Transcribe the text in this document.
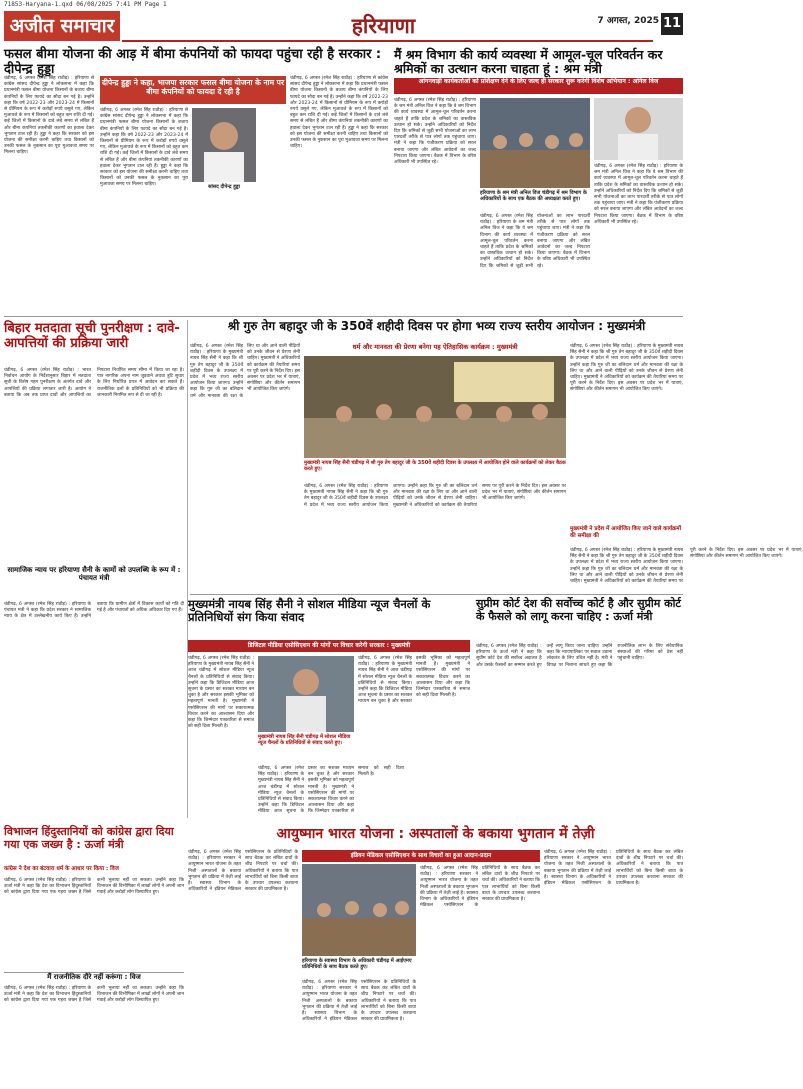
71853-Haryana-1.qxd 06/08/2025 7:41 PM Page 1
अजीत समाचार	हरियाणा	7 अगस्त, 2025 11
फसल बीमा योजना की आड़ में बीमा कंपनियों को फायदा पहुंचा रही है सरकार : दीपेन्द्र हुड्डा
चंडीगढ़, 6 अगस्त (रमेश सिंह राठौड़) : हरियाणा से कांग्रेस सांसद दीपेन्द्र हुड्डा ने लोकसभा में कहा कि प्रधानमंत्री फसल बीमा योजना किसानों के बजाय बीमा कंपनियों के लिए फायदे का सौदा बन गई है। उन्होंने कहा कि वर्ष 2022-23 और 2023-24 में किसानों से प्रीमियम के रूप में करोड़ों रुपये वसूले गए, लेकिन मुआवजे के रूप में किसानों को बहुत कम राशि दी गई। कई जिलों में किसानों के दावे लंबे समय से लंबित हैं और बीमा कंपनियां तकनीकी कारणों का हवाला देकर भुगतान टाल रही हैं। हुड्डा ने कहा कि सरकार को इस योजना की समीक्षा करनी चाहिए तथा किसानों को उनकी फसल के नुकसान का पूरा मुआवजा समय पर मिलना चाहिए।
दीपेन्द्र हुड्डा ने कहा, भाजपा सरकार फसल बीमा योजना के नाम पर बीमा कंपनियों को फायदा दे रही है
चंडीगढ़, 6 अगस्त (रमेश सिंह राठौड़) : हरियाणा से कांग्रेस सांसद दीपेन्द्र हुड्डा ने लोकसभा में कहा कि प्रधानमंत्री फसल बीमा योजना किसानों के बजाय बीमा कंपनियों के लिए फायदे का सौदा बन गई है। उन्होंने कहा कि वर्ष 2022-23 और 2023-24 में किसानों से प्रीमियम के रूप में करोड़ों रुपये वसूले गए, लेकिन मुआवजे के रूप में किसानों को बहुत कम राशि दी गई। कई जिलों में किसानों के दावे लंबे समय से लंबित हैं और बीमा कंपनियां तकनीकी कारणों का हवाला देकर भुगतान टाल रही हैं। हुड्डा ने कहा कि सरकार को इस योजना की समीक्षा करनी चाहिए तथा किसानों को उनकी फसल के नुकसान का पूरा मुआवजा समय पर मिलना चाहिए।	सांसद दीपेन्द्र हुड्डा
चंडीगढ़, 6 अगस्त (रमेश सिंह राठौड़) : हरियाणा से कांग्रेस सांसद दीपेन्द्र हुड्डा ने लोकसभा में कहा कि प्रधानमंत्री फसल बीमा योजना किसानों के बजाय बीमा कंपनियों के लिए फायदे का सौदा बन गई है। उन्होंने कहा कि वर्ष 2022-23 और 2023-24 में किसानों से प्रीमियम के रूप में करोड़ों रुपये वसूले गए, लेकिन मुआवजे के रूप में किसानों को बहुत कम राशि दी गई। कई जिलों में किसानों के दावे लंबे समय से लंबित हैं और बीमा कंपनियां तकनीकी कारणों का हवाला देकर भुगतान टाल रही हैं। हुड्डा ने कहा कि सरकार को इस योजना की समीक्षा करनी चाहिए तथा किसानों को उनकी फसल के नुकसान का पूरा मुआवजा समय पर मिलना चाहिए।
मैं श्रम विभाग की कार्य व्यवस्था में आमूल-चूल परिवर्तन कर श्रमिकों का उत्थान करना चाहता हूं : श्रम मंत्री
आंगनवाड़ी कार्यकर्ताओं को प्रशिक्षण देने के लिए जल्द ही सरकार शुरू करेगी विशेष अभियान : अनिल विज
चंडीगढ़, 6 अगस्त (रमेश सिंह राठौड़) : हरियाणा के श्रम मंत्री अनिल विज ने कहा कि वे श्रम विभाग की कार्य व्यवस्था में आमूल-चूल परिवर्तन करना चाहते हैं ताकि प्रदेश के श्रमिकों का वास्तविक उत्थान हो सके। उन्होंने अधिकारियों को निर्देश दिए कि श्रमिकों से जुड़ी सभी योजनाओं का लाभ पारदर्शी तरीके से पात्र लोगों तक पहुंचाया जाए। मंत्री ने कहा कि पंजीकरण प्रक्रिया को सरल बनाया जाएगा और लंबित आवेदनों का जल्द निपटारा किया जाएगा। बैठक में विभाग के वरिष्ठ अधिकारी भी उपस्थित रहे।
हरियाणा के श्रम मंत्री अनिल विज चंडीगढ़ में श्रम विभाग के अधिकारियों के साथ एक बैठक की अध्यक्षता करते हुए।
चंडीगढ़, 6 अगस्त (रमेश सिंह राठौड़) : हरियाणा के श्रम मंत्री अनिल विज ने कहा कि वे श्रम विभाग की कार्य व्यवस्था में आमूल-चूल परिवर्तन करना चाहते हैं ताकि प्रदेश के श्रमिकों का वास्तविक उत्थान हो सके। उन्होंने अधिकारियों को निर्देश दिए कि श्रमिकों से जुड़ी सभी योजनाओं का लाभ पारदर्शी तरीके से पात्र लोगों तक पहुंचाया जाए। मंत्री ने कहा कि पंजीकरण प्रक्रिया को सरल बनाया जाएगा और लंबित आवेदनों का जल्द निपटारा किया जाएगा। बैठक में विभाग के वरिष्ठ अधिकारी भी उपस्थित रहे।
चंडीगढ़, 6 अगस्त (रमेश सिंह राठौड़) : हरियाणा के श्रम मंत्री अनिल विज ने कहा कि वे श्रम विभाग की कार्य व्यवस्था में आमूल-चूल परिवर्तन करना चाहते हैं ताकि प्रदेश के श्रमिकों का वास्तविक उत्थान हो सके। उन्होंने अधिकारियों को निर्देश दिए कि श्रमिकों से जुड़ी सभी योजनाओं का लाभ पारदर्शी तरीके से पात्र लोगों तक पहुंचाया जाए। मंत्री ने कहा कि पंजीकरण प्रक्रिया को सरल बनाया जाएगा और लंबित आवेदनों का जल्द निपटारा किया जाएगा। बैठक में विभाग के वरिष्ठ अधिकारी भी उपस्थित रहे।
बिहार मतदाता सूची पुनरीक्षण : दावे-आपत्तियों की प्रक्रिया जारी
चंडीगढ़, 6 अगस्त (रमेश सिंह राठौड़) : भारत निर्वाचन आयोग के निर्देशानुसार बिहार में मतदाता सूची के विशेष गहन पुनरीक्षण के अंतर्गत दावे और आपत्तियों की प्रक्रिया लगातार जारी है। आयोग ने बताया कि अब तक प्राप्त दावों और आपत्तियों का निपटारा निर्धारित समय सीमा में किया जा रहा है। पात्र नागरिक अपना नाम जुड़वाने अथवा त्रुटि सुधार के लिए निर्धारित प्रपत्र में आवेदन कर सकते हैं। राजनीतिक दलों के प्रतिनिधियों को भी प्रक्रिया की जानकारी नियमित रूप से दी जा रही है।
सामाजिक न्याय पर हरियाणा सैनी के कामों को उपलब्धि के रूप में : पंचायत मंत्री
चंडीगढ़, 6 अगस्त (रमेश सिंह राठौड़) : हरियाणा के पंचायत मंत्री ने कहा कि प्रदेश सरकार ने सामाजिक न्याय के क्षेत्र में उल्लेखनीय कार्य किए हैं। उन्होंने बताया कि ग्रामीण क्षेत्रों में विकास कार्यों को गति दी गई है और पंचायतों को अधिक अधिकार दिए गए हैं।
श्री गुरु तेग बहादुर जी के 350वें शहीदी दिवस पर होगा भव्य राज्य स्तरीय आयोजन : मुख्यमंत्री
चंडीगढ़, 6 अगस्त (रमेश सिंह राठौड़) : हरियाणा के मुख्यमंत्री नायब सिंह सैनी ने कहा कि श्री गुरु तेग बहादुर जी के 350वें शहीदी दिवस के उपलक्ष्य में प्रदेश में भव्य राज्य स्तरीय आयोजन किया जाएगा। उन्होंने कहा कि गुरु जी का बलिदान धर्म और मानवता की रक्षा के लिए था और आने वाली पीढ़ियों को उनके जीवन से प्रेरणा लेनी चाहिए। मुख्यमंत्री ने अधिकारियों को कार्यक्रम की तैयारियां समय पर पूरी करने के निर्देश दिए। इस अवसर पर प्रदेश भर में यात्राएं, संगोष्ठियां और कीर्तन समागम भी आयोजित किए जाएंगे।
धर्म और मानवता की प्रेरणा बनेगा यह ऐतिहासिक कार्यक्रम : मुख्यमंत्री
मुख्यमंत्री नायब सिंह सैनी चंडीगढ़ में श्री गुरु तेग बहादुर जी के 350वें शहीदी दिवस के उपलक्ष्य में आयोजित होने वाले कार्यक्रमों को लेकर बैठक करते हुए।
चंडीगढ़, 6 अगस्त (रमेश सिंह राठौड़) : हरियाणा के मुख्यमंत्री नायब सिंह सैनी ने कहा कि श्री गुरु तेग बहादुर जी के 350वें शहीदी दिवस के उपलक्ष्य में प्रदेश में भव्य राज्य स्तरीय आयोजन किया जाएगा। उन्होंने कहा कि गुरु जी का बलिदान धर्म और मानवता की रक्षा के लिए था और आने वाली पीढ़ियों को उनके जीवन से प्रेरणा लेनी चाहिए। मुख्यमंत्री ने अधिकारियों को कार्यक्रम की तैयारियां समय पर पूरी करने के निर्देश दिए। इस अवसर पर प्रदेश भर में यात्राएं, संगोष्ठियां और कीर्तन समागम भी आयोजित किए जाएंगे।
चंडीगढ़, 6 अगस्त (रमेश सिंह राठौड़) : हरियाणा के मुख्यमंत्री नायब सिंह सैनी ने कहा कि श्री गुरु तेग बहादुर जी के 350वें शहीदी दिवस के उपलक्ष्य में प्रदेश में भव्य राज्य स्तरीय आयोजन किया जाएगा। उन्होंने कहा कि गुरु जी का बलिदान धर्म और मानवता की रक्षा के लिए था और आने वाली पीढ़ियों को उनके जीवन से प्रेरणा लेनी चाहिए। मुख्यमंत्री ने अधिकारियों को कार्यक्रम की तैयारियां समय पर पूरी करने के निर्देश दिए। इस अवसर पर प्रदेश भर में यात्राएं, संगोष्ठियां और कीर्तन समागम भी आयोजित किए जाएंगे।
मुख्यमंत्री ने प्रदेश में आयोजित किए जाने वाले कार्यक्रमों की समीक्षा की
चंडीगढ़, 6 अगस्त (रमेश सिंह राठौड़) : हरियाणा के मुख्यमंत्री नायब सिंह सैनी ने कहा कि श्री गुरु तेग बहादुर जी के 350वें शहीदी दिवस के उपलक्ष्य में प्रदेश में भव्य राज्य स्तरीय आयोजन किया जाएगा। उन्होंने कहा कि गुरु जी का बलिदान धर्म और मानवता की रक्षा के लिए था और आने वाली पीढ़ियों को उनके जीवन से प्रेरणा लेनी चाहिए। मुख्यमंत्री ने अधिकारियों को कार्यक्रम की तैयारियां समय पर पूरी करने के निर्देश दिए। इस अवसर पर प्रदेश भर में यात्राएं, संगोष्ठियां और कीर्तन समागम भी आयोजित किए जाएंगे।
मुख्यमंत्री नायब सिंह सैनी ने सोशल मीडिया न्यूज चैनलों के प्रतिनिधियों संग किया संवाद
डिजिटल मीडिया एसोसिएशन की मांगों पर विचार करेगी सरकार : मुख्यमंत्री
चंडीगढ़, 6 अगस्त (रमेश सिंह राठौड़) : हरियाणा के मुख्यमंत्री नायब सिंह सैनी ने आज चंडीगढ़ में सोशल मीडिया न्यूज चैनलों के प्रतिनिधियों से संवाद किया। उन्होंने कहा कि डिजिटल मीडिया आज सूचना के प्रसार का सशक्त माध्यम बन चुका है और सरकार इसकी भूमिका को महत्वपूर्ण मानती है। मुख्यमंत्री ने एसोसिएशन की मांगों पर सकारात्मक विचार करने का आश्वासन दिया और कहा कि जिम्मेदार पत्रकारिता से समाज को सही दिशा मिलती है।
मुख्यमंत्री नायब सिंह सैनी चंडीगढ़ में सोशल मीडिया न्यूज चैनलों के प्रतिनिधियों से संवाद करते हुए।
चंडीगढ़, 6 अगस्त (रमेश सिंह राठौड़) : हरियाणा के मुख्यमंत्री नायब सिंह सैनी ने आज चंडीगढ़ में सोशल मीडिया न्यूज चैनलों के प्रतिनिधियों से संवाद किया। उन्होंने कहा कि डिजिटल मीडिया आज सूचना के प्रसार का सशक्त माध्यम बन चुका है और सरकार इसकी भूमिका को महत्वपूर्ण मानती है। मुख्यमंत्री ने एसोसिएशन की मांगों पर सकारात्मक विचार करने का आश्वासन दिया और कहा कि जिम्मेदार पत्रकारिता से समाज को सही दिशा मिलती है।
चंडीगढ़, 6 अगस्त (रमेश सिंह राठौड़) : हरियाणा के मुख्यमंत्री नायब सिंह सैनी ने आज चंडीगढ़ में सोशल मीडिया न्यूज चैनलों के प्रतिनिधियों से संवाद किया। उन्होंने कहा कि डिजिटल मीडिया आज सूचना के प्रसार का सशक्त माध्यम बन चुका है और सरकार इसकी भूमिका को महत्वपूर्ण मानती है। मुख्यमंत्री ने एसोसिएशन की मांगों पर सकारात्मक विचार करने का आश्वासन दिया और कहा कि जिम्मेदार पत्रकारिता से समाज को सही दिशा मिलती है।
सुप्रीम कोर्ट देश की सर्वोच्च कोर्ट है और सुप्रीम कोर्ट के फैसले को लागू करना चाहिए : ऊर्जा मंत्री
चंडीगढ़, 6 अगस्त (रमेश सिंह राठौड़) : हरियाणा के ऊर्जा मंत्री ने कहा कि सुप्रीम कोर्ट देश की सर्वोच्च अदालत है और उसके फैसलों का सम्मान करते हुए उन्हें लागू किया जाना चाहिए। उन्होंने कहा कि न्यायपालिका पर सवाल उठाना लोकतंत्र के लिए उचित नहीं है। मंत्री ने विपक्ष पर निशाना साधते हुए कहा कि राजनीतिक लाभ के लिए संवैधानिक संस्थाओं की गरिमा को ठेस नहीं पहुंचानी चाहिए।
विभाजन हिंदुस्तानियों को कांग्रेस द्वारा दिया गया एक जख्म है : ऊर्जा मंत्री
कांग्रेस ने देश का बंटवारा धर्म के आधार पर किया : विज
चंडीगढ़, 6 अगस्त (रमेश सिंह राठौड़) : हरियाणा के ऊर्जा मंत्री ने कहा कि देश का विभाजन हिंदुस्तानियों को कांग्रेस द्वारा दिया गया एक गहरा जख्म है जिसे कभी भुलाया नहीं जा सकता। उन्होंने कहा कि विभाजन की विभीषिका में लाखों लोगों ने अपनी जान गंवाई और करोड़ों लोग विस्थापित हुए।
मैं राजनीतिक दौरे नहीं करूंगा : विज
चंडीगढ़, 6 अगस्त (रमेश सिंह राठौड़) : हरियाणा के ऊर्जा मंत्री ने कहा कि देश का विभाजन हिंदुस्तानियों को कांग्रेस द्वारा दिया गया एक गहरा जख्म है जिसे कभी भुलाया नहीं जा सकता। उन्होंने कहा कि विभाजन की विभीषिका में लाखों लोगों ने अपनी जान गंवाई और करोड़ों लोग विस्थापित हुए।
आयुष्मान भारत योजना : अस्पतालों के बकाया भुगतान में तेज़ी
चंडीगढ़, 6 अगस्त (रमेश सिंह राठौड़) : हरियाणा सरकार ने आयुष्मान भारत योजना के तहत निजी अस्पतालों के बकाया भुगतान की प्रक्रिया में तेज़ी लाई है। स्वास्थ्य विभाग के अधिकारियों ने इंडियन मेडिकल एसोसिएशन के प्रतिनिधियों के साथ बैठक कर लंबित दावों के शीघ्र निपटारे पर चर्चा की। अधिकारियों ने बताया कि पात्र लाभार्थियों को बिना किसी बाधा के उपचार उपलब्ध करवाना सरकार की प्राथमिकता है।
इंडियन मेडिकल एसोसिएशन के साथ विचारों का हुआ आदान-प्रदान
हरियाणा के स्वास्थ्य विभाग के अधिकारी चंडीगढ़ में आईएमए प्रतिनिधियों के साथ बैठक करते हुए।
चंडीगढ़, 6 अगस्त (रमेश सिंह राठौड़) : हरियाणा सरकार ने आयुष्मान भारत योजना के तहत निजी अस्पतालों के बकाया भुगतान की प्रक्रिया में तेज़ी लाई है। स्वास्थ्य विभाग के अधिकारियों ने इंडियन मेडिकल एसोसिएशन के प्रतिनिधियों के साथ बैठक कर लंबित दावों के शीघ्र निपटारे पर चर्चा की। अधिकारियों ने बताया कि पात्र लाभार्थियों को बिना किसी बाधा के उपचार उपलब्ध करवाना सरकार की प्राथमिकता है।
चंडीगढ़, 6 अगस्त (रमेश सिंह राठौड़) : हरियाणा सरकार ने आयुष्मान भारत योजना के तहत निजी अस्पतालों के बकाया भुगतान की प्रक्रिया में तेज़ी लाई है। स्वास्थ्य विभाग के अधिकारियों ने इंडियन मेडिकल एसोसिएशन के प्रतिनिधियों के साथ बैठक कर लंबित दावों के शीघ्र निपटारे पर चर्चा की। अधिकारियों ने बताया कि पात्र लाभार्थियों को बिना किसी बाधा के उपचार उपलब्ध करवाना सरकार की प्राथमिकता है।
चंडीगढ़, 6 अगस्त (रमेश सिंह राठौड़) : हरियाणा सरकार ने आयुष्मान भारत योजना के तहत निजी अस्पतालों के बकाया भुगतान की प्रक्रिया में तेज़ी लाई है। स्वास्थ्य विभाग के अधिकारियों ने इंडियन मेडिकल एसोसिएशन के प्रतिनिधियों के साथ बैठक कर लंबित दावों के शीघ्र निपटारे पर चर्चा की। अधिकारियों ने बताया कि पात्र लाभार्थियों को बिना किसी बाधा के उपचार उपलब्ध करवाना सरकार की प्राथमिकता है।
